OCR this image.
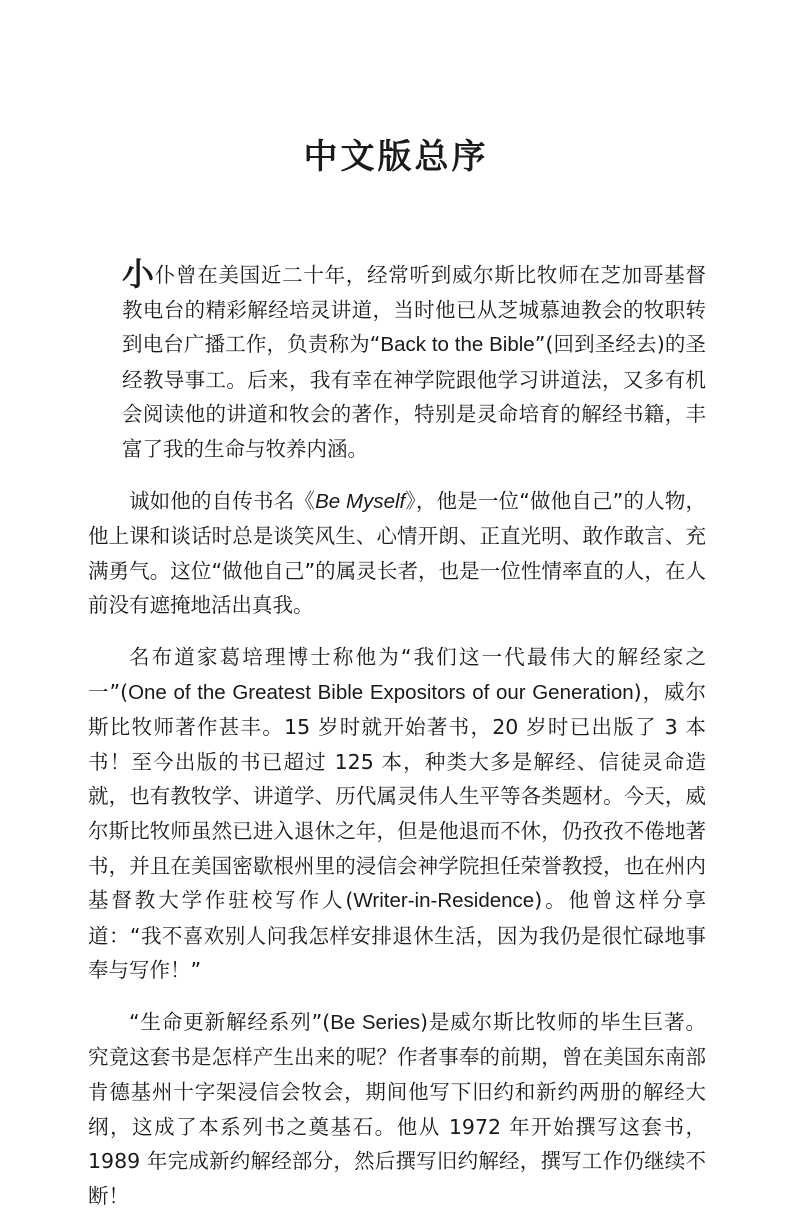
中文版总序

小仆曾在美国近二十年，经常听到威尔斯比牧师在芝加哥基督教电台的精彩解经培灵讲道，当时他已从芝城慕迪教会的牧职转到电台广播工作，负责称为“Back to the Bible”(回到圣经去)的圣经教导事工。后来，我有幸在神学院跟他学习讲道法，又多有机会阅读他的讲道和牧会的著作，特别是灵命培育的解经书籍，丰富了我的生命与牧养内涵。

诚如他的自传书名《Be Myself》，他是一位“做他自己”的人物，他上课和谈话时总是谈笑风生、心情开朗、正直光明、敢作敢言、充满勇气。这位“做他自己”的属灵长者，也是一位性情率直的人，在人前没有遮掩地活出真我。

名布道家葛培理博士称他为“我们这一代最伟大的解经家之一”(One of the Greatest Bible Expositors of our Generation)，威尔斯比牧师著作甚丰。15 岁时就开始著书，20 岁时已出版了 3 本书！至今出版的书已超过 125 本，种类大多是解经、信徒灵命造就，也有教牧学、讲道学、历代属灵伟人生平等各类题材。今天，威尔斯比牧师虽然已进入退休之年，但是他退而不休，仍孜孜不倦地著书，并且在美国密歇根州里的浸信会神学院担任荣誉教授，也在州内基督教大学作驻校写作人(Writer-in-Residence)。他曾这样分享道：“我不喜欢别人问我怎样安排退休生活，因为我仍是很忙碌地事奉与写作！”

“生命更新解经系列”(Be Series)是威尔斯比牧师的毕生巨著。究竟这套书是怎样产生出来的呢？作者事奉的前期，曾在美国东南部肯德基州十字架浸信会牧会，期间他写下旧约和新约两册的解经大纲，这成了本系列书之奠基石。他从 1972 年开始撰写这套书，1989 年完成新约解经部分，然后撰写旧约解经，撰写工作仍继续不断！
